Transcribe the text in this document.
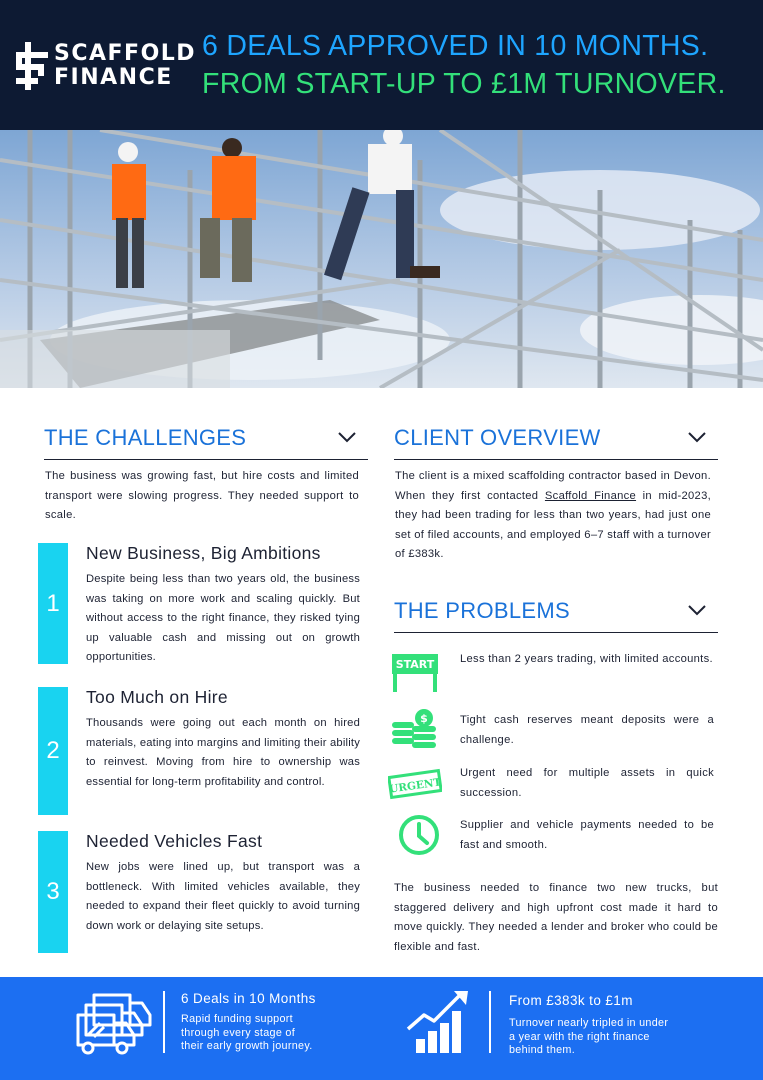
SCAFFOLD
FINANCE
6 DEALS APPROVED IN 10 MONTHS.
FROM START-UP TO £1M TURNOVER.
THE CHALLENGES
The business was growing fast, but hire costs and limited transport were slowing progress. They needed support to scale.
1
New Business, Big Ambitions
Despite being less than two years old, the business was taking on more work and scaling quickly. But without access to the right finance, they risked tying up valuable cash and missing out on growth opportunities.
2
Too Much on Hire
Thousands were going out each month on hired materials, eating into margins and limiting their ability to reinvest. Moving from hire to ownership was essential for long-term profitability and control.
3
Needed Vehicles Fast
New jobs were lined up, but transport was a bottleneck. With limited vehicles available, they needed to expand their fleet quickly to avoid turning down work or delaying site setups.
CLIENT OVERVIEW
The client is a mixed scaffolding contractor based in Devon. When they first contacted Scaffold Finance in mid-2023, they had been trading for less than two years, had just one set of filed accounts, and employed 6–7 staff with a turnover of £383k.
THE PROBLEMS
START Less than 2 years trading, with limited accounts.
$	Tight cash reserves meant deposits were a challenge.
URGENT
Urgent need for multiple assets in quick succession.
Supplier and vehicle payments needed to be fast and smooth.
The business needed to finance two new trucks, but staggered delivery and high upfront cost made it hard to move quickly. They needed a lender and broker who could be flexible and fast.
6 Deals in 10 Months
Rapid funding support
through every stage of
their early growth journey.
From £383k to £1m
Turnover nearly tripled in under
a year with the right finance
behind them.
